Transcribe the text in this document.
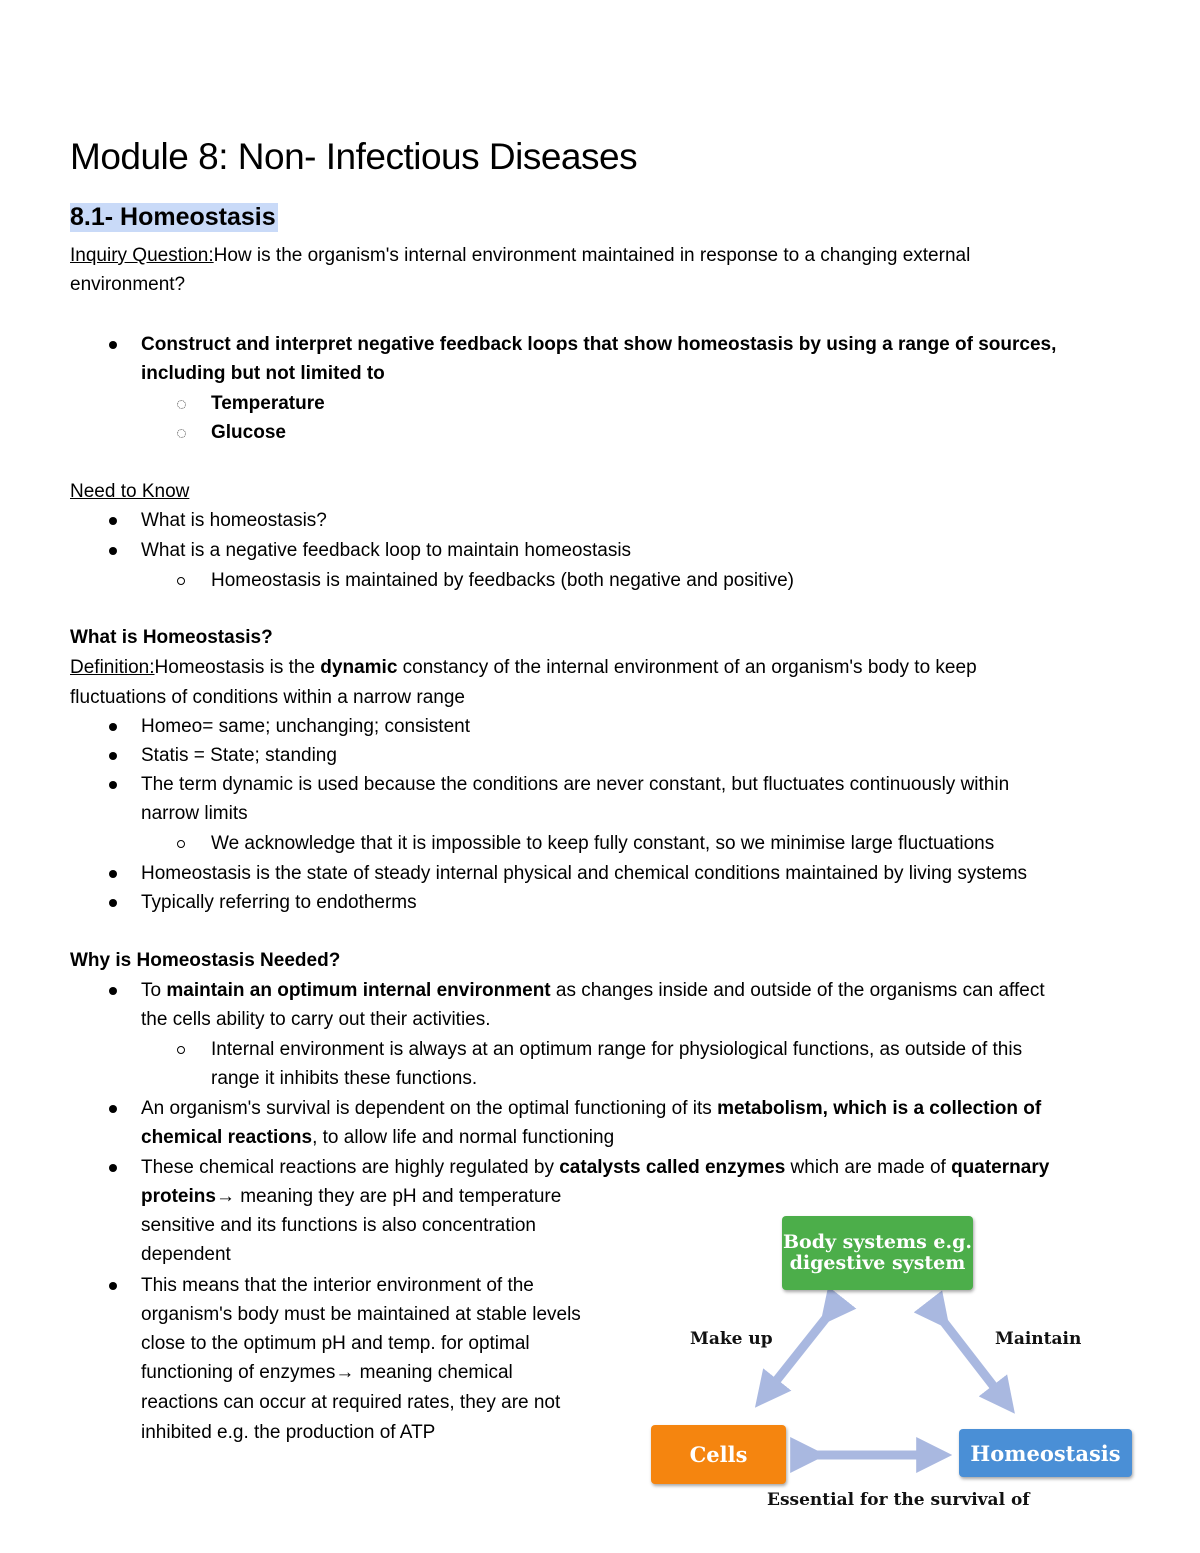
Module 8: Non- Infectious Diseases
8.1- Homeostasis
Inquiry Question:How is the organism's internal environment maintained in response to a changing external
environment?
Construct and interpret negative feedback loops that show homeostasis by using a range of sources,
including but not limited to
Temperature
Glucose
Need to Know
What is homeostasis?
What is a negative feedback loop to maintain homeostasis
Homeostasis is maintained by feedbacks (both negative and positive)
What is Homeostasis?
Definition:Homeostasis is the dynamic constancy of the internal environment of an organism's body to keep
fluctuations of conditions within a narrow range
Homeo= same; unchanging; consistent
Statis = State; standing
The term dynamic is used because the conditions are never constant, but fluctuates continuously within
narrow limits
We acknowledge that it is impossible to keep fully constant, so we minimise large fluctuations
Homeostasis is the state of steady internal physical and chemical conditions maintained by living systems
Typically referring to endotherms
Why is Homeostasis Needed?
To maintain an optimum internal environment as changes inside and outside of the organisms can affect
the cells ability to carry out their activities.
Internal environment is always at an optimum range for physiological functions, as outside of this
range it inhibits these functions.
An organism's survival is dependent on the optimal functioning of its metabolism, which is a collection of
chemical reactions, to allow life and normal functioning
These chemical reactions are highly regulated by catalysts called enzymes which are made of quaternary
proteins→ meaning they are pH and temperature
sensitive and its functions is also concentration
dependent
This means that the interior environment of the
organism's body must be maintained at stable levels
close to the optimum pH and temp. for optimal
functioning of enzymes→ meaning chemical
reactions can occur at required rates, they are not
inhibited e.g. the production of ATP
Body systems e.g. digestive system
Cells	Homeostasis
Make up	Maintain
Essential for the survival of
